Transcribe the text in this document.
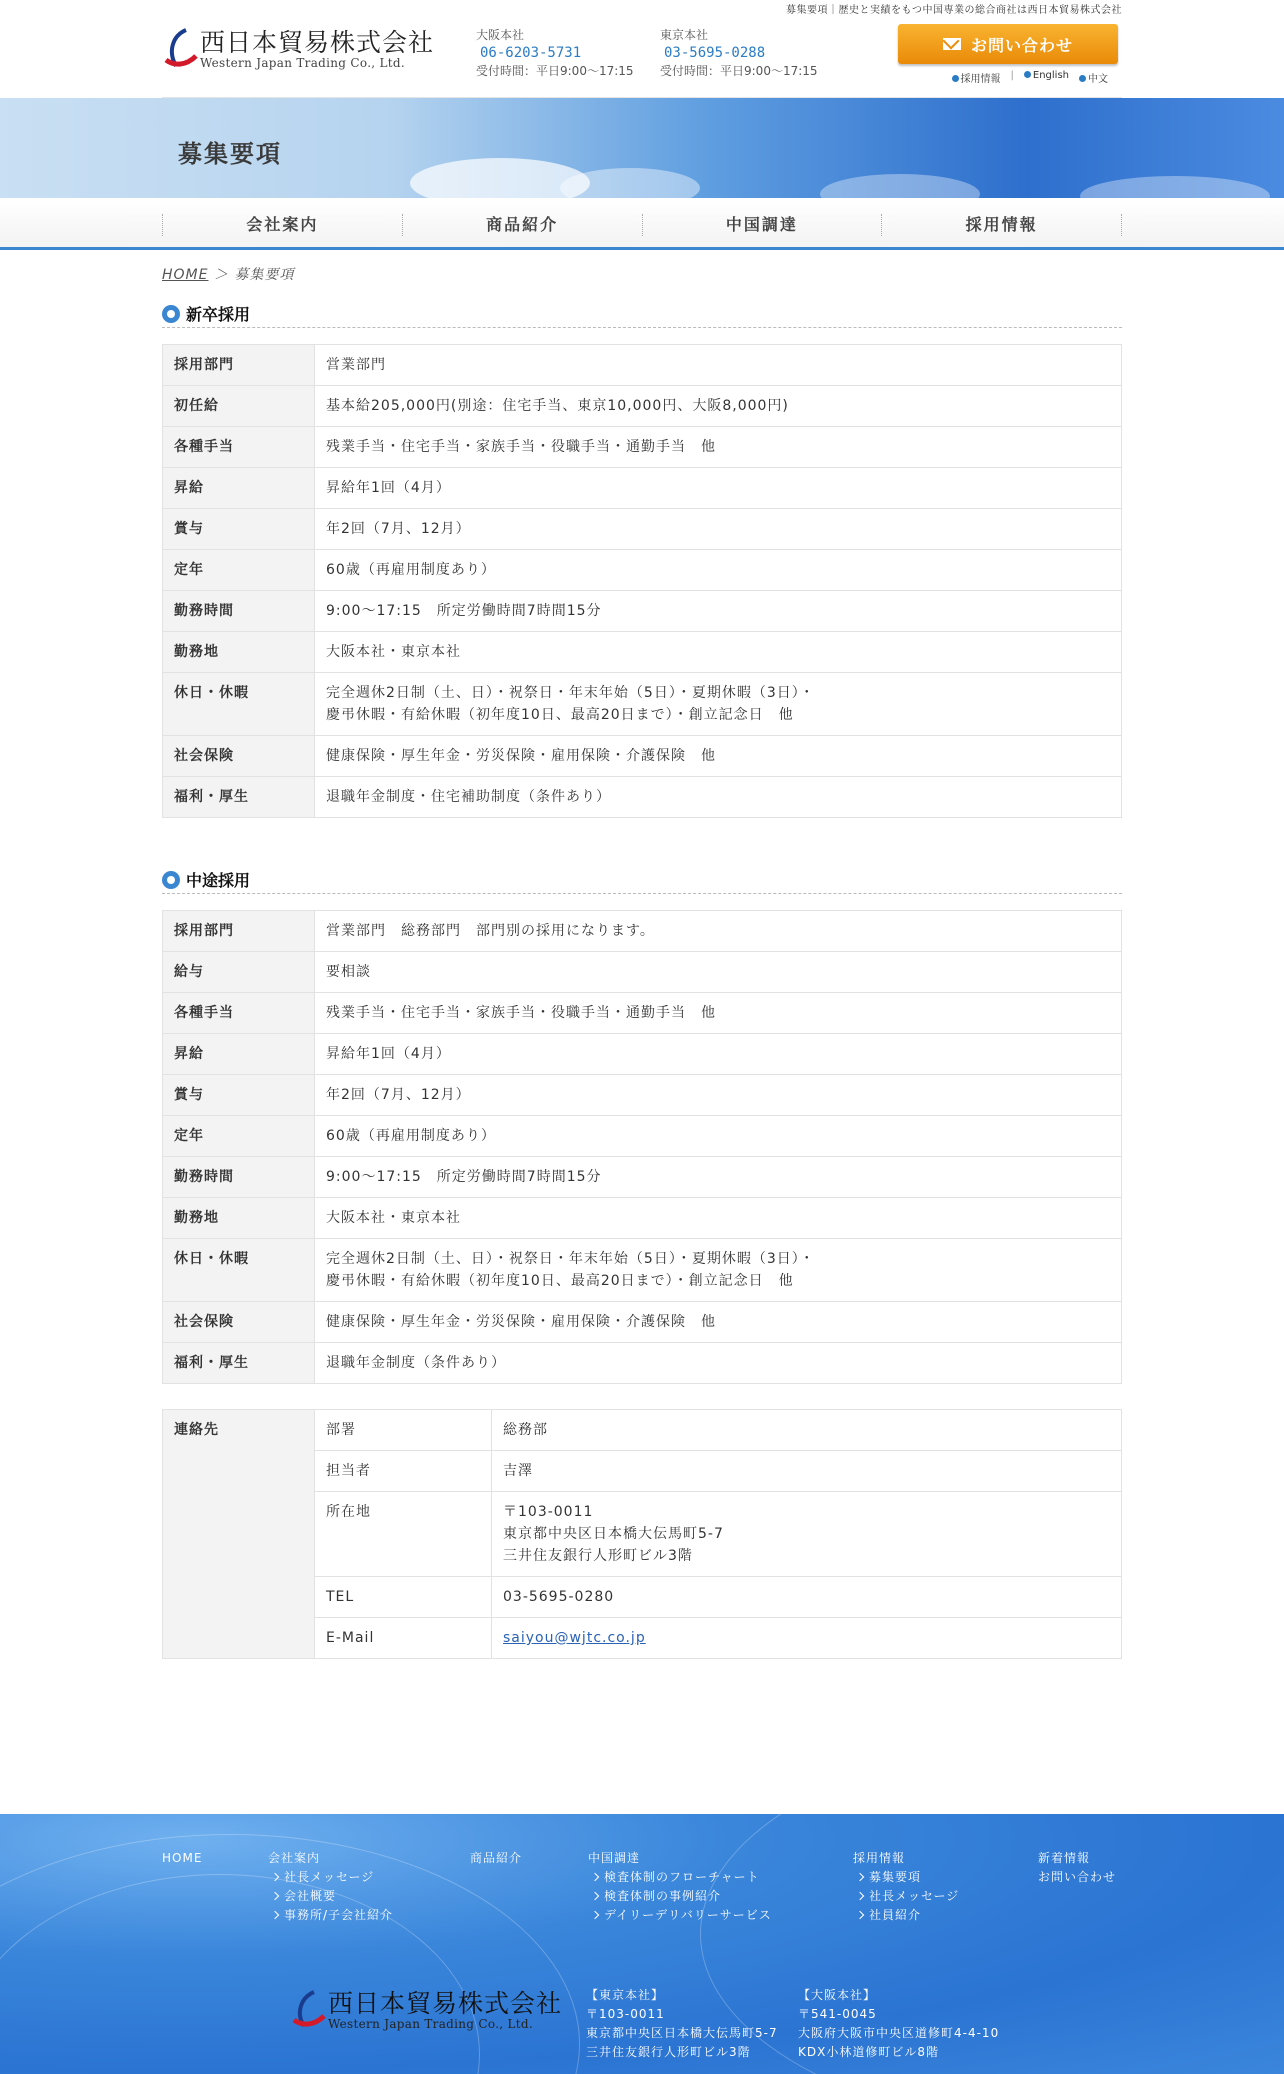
募集要項｜歴史と実績をもつ中国専業の総合商社は西日本貿易株式会社
西日本貿易株式会社
Western Japan Trading Co., Ltd.
大阪本社
06-6203-5731
受付時間：平日9:00～17:15
東京本社
03-5695-0288
受付時間：平日9:00～17:15
お問い合わせ
採用情報 |	English	中文
募集要項
会社案内	商品紹介	中国調達	採用情報
HOME ＞ 募集要項
新卒採用
採用部門	営業部門

初任給	基本給205,000円(別途：住宅手当、東京10,000円、大阪8,000円)

各種手当	残業手当・住宅手当・家族手当・役職手当・通勤手当　他

昇給	昇給年1回（4月）

賞与	年2回（7月、12月）

定年	60歳（再雇用制度あり）

勤務時間	9:00～17:15　所定労働時間7時間15分

勤務地	大阪本社・東京本社

休日・休暇	完全週休2日制（土、日）・祝祭日・年末年始（5日）・夏期休暇（3日）・
慶弔休暇・有給休暇（初年度10日、最高20日まで）・創立記念日　他

社会保険	健康保険・厚生年金・労災保険・雇用保険・介護保険　他

福利・厚生	退職年金制度・住宅補助制度（条件あり）
中途採用
採用部門	営業部門　総務部門　部門別の採用になります。

給与	要相談

各種手当	残業手当・住宅手当・家族手当・役職手当・通勤手当　他

昇給	昇給年1回（4月）

賞与	年2回（7月、12月）

定年	60歳（再雇用制度あり）

勤務時間	9:00～17:15　所定労働時間7時間15分

勤務地	大阪本社・東京本社

休日・休暇	完全週休2日制（土、日）・祝祭日・年末年始（5日）・夏期休暇（3日）・
慶弔休暇・有給休暇（初年度10日、最高20日まで）・創立記念日　他

社会保険	健康保険・厚生年金・労災保険・雇用保険・介護保険　他

福利・厚生	退職年金制度（条件あり）
連絡先	部署	総務部
	担当者	吉澤
	所在地	〒103-0011
東京都中央区日本橋大伝馬町5-7
三井住友銀行人形町ビル3階

	TEL	03-5695-0280
	E-Mail	saiyou@wjtc.co.jp
HOME	会社案内
社長メッセージ
会社概要
事務所/子会社紹介
商品紹介	中国調達
検査体制のフローチャート
検査体制の事例紹介
デイリーデリバリーサービス
採用情報
募集要項
社長メッセージ
社員紹介
新着情報
お問い合わせ
西日本貿易株式会社
Western Japan Trading Co., Ltd.
【東京本社】
〒103-0011
東京都中央区日本橋大伝馬町5-7
三井住友銀行人形町ビル3階
【大阪本社】
〒541-0045
大阪府大阪市中央区道修町4-4-10
KDX小林道修町ビル8階
